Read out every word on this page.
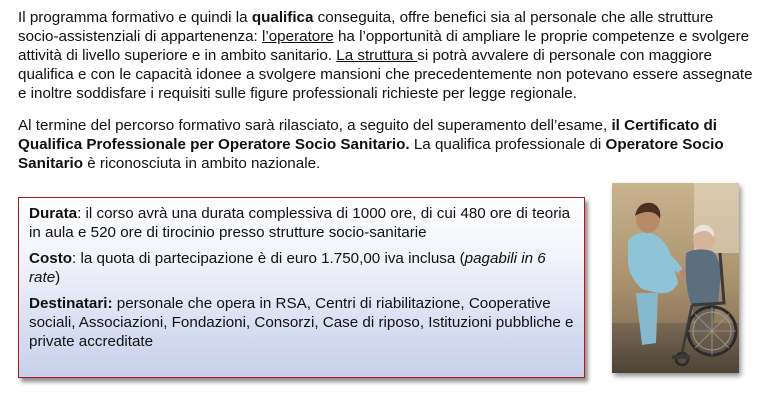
Il programma formativo e quindi la qualifica conseguita, offre benefici sia al personale che alle strutture socio-assistenziali di appartenenza: l’operatore ha l’opportunità di ampliare le proprie competenze e svolgere attività di livello superiore e in ambito sanitario. La struttura si potrà avvalere di personale con maggiore qualifica e con le capacità idonee a svolgere mansioni che precedentemente non potevano essere assegnate e inoltre soddisfare i requisiti sulle figure professionali richieste per legge regionale.

Al termine del percorso formativo sarà rilasciato, a seguito del superamento dell’esame, il Certificato di Qualifica Professionale per Operatore Socio Sanitario. La qualifica professionale di Operatore Socio Sanitario è riconosciuta in ambito nazionale.

Durata: il corso avrà una durata complessiva di 1000 ore, di cui 480 ore di teoria in aula e 520 ore di tirocinio presso strutture socio-sanitarie

Costo: la quota di partecipazione è di euro 1.750,00 iva inclusa (pagabili in 6 rate)

Destinatari: personale che opera in RSA, Centri di riabilitazione, Cooperative sociali, Associazioni, Fondazioni, Consorzi, Case di riposo, Istituzioni pubbliche e private accreditate
